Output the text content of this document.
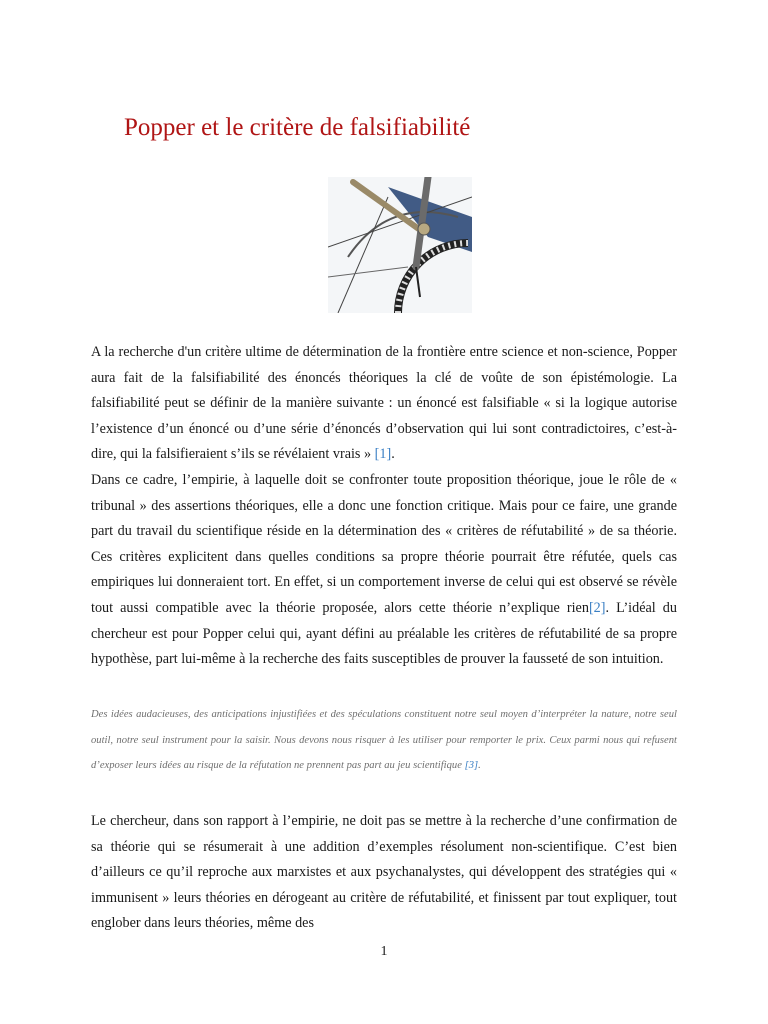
Popper et le critère de falsifiabilité

A la recherche d'un critère ultime de détermination de la frontière entre science et non-science, Popper aura fait de la falsifiabilité des énoncés théoriques la clé de voûte de son épistémologie. La falsifiabilité peut se définir de la manière suivante : un énoncé est falsifiable « si la logique autorise l’existence d’un énoncé ou d’une série d’énoncés d’observation qui lui sont contradictoires, c’est-à-dire, qui la falsifieraient s’ils se révélaient vrais » [1].

Dans ce cadre, l’empirie, à laquelle doit se confronter toute proposition théorique, joue le rôle de « tribunal » des assertions théoriques, elle a donc une fonction critique. Mais pour ce faire, une grande part du travail du scientifique réside en la détermination des « critères de réfutabilité » de sa théorie. Ces critères explicitent dans quelles conditions sa propre théorie pourrait être réfutée, quels cas empiriques lui donneraient tort. En effet, si un comportement inverse de celui qui est observé se révèle tout aussi compatible avec la théorie proposée, alors cette théorie n’explique rien[2]. L’idéal du chercheur est pour Popper celui qui, ayant défini au préalable les critères de réfutabilité de sa propre hypothèse, part lui-même à la recherche des faits susceptibles de prouver la fausseté de son intuition.

Des idées audacieuses, des anticipations injustifiées et des spéculations constituent notre seul moyen d’interpréter la nature, notre seul outil, notre seul instrument pour la saisir. Nous devons nous risquer à les utiliser pour remporter le prix. Ceux parmi nous qui refusent d’exposer leurs idées au risque de la réfutation ne prennent pas part au jeu scientifique [3].

Le chercheur, dans son rapport à l’empirie, ne doit pas se mettre à la recherche d’une confirmation de sa théorie qui se résumerait à une addition d’exemples résolument non-scientifique. C’est bien d’ailleurs ce qu’il reproche aux marxistes et aux psychanalystes, qui développent des stratégies qui « immunisent » leurs théories en dérogeant au critère de réfutabilité, et finissent par tout expliquer, tout englober dans leurs théories, même des

1
